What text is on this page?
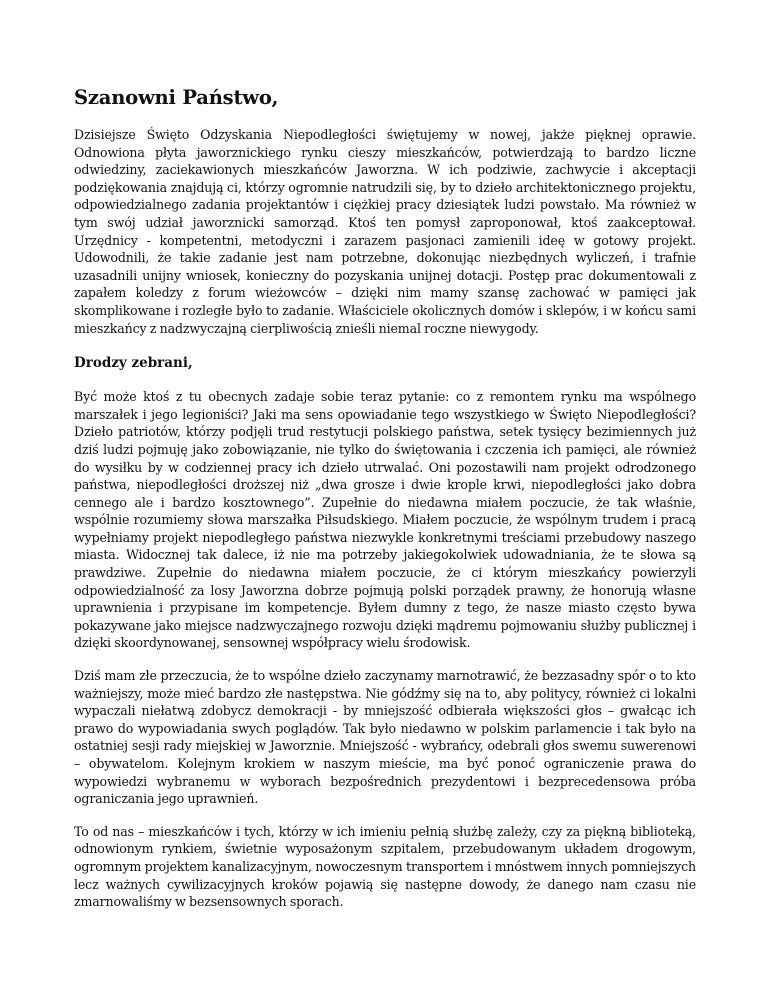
Szanowni Państwo,

Dzisiejsze Święto Odzyskania Niepodległości świętujemy w nowej, jakże pięknej oprawie. Odnowiona płyta jaworznickiego rynku cieszy mieszkańców, potwierdzają to bardzo liczne odwiedziny, zaciekawionych mieszkańców Jaworzna. W ich podziwie, zachwycie i akceptacji podziękowania znajdują ci, którzy ogromnie natrudzili się, by to dzieło architektonicznego projektu, odpowiedzialnego zadania projektantów i ciężkiej pracy dziesiątek ludzi powstało. Ma również w tym swój udział jaworznicki samorząd. Ktoś ten pomysł zaproponował, ktoś zaakceptował. Urzędnicy - kompetentni, metodyczni i zarazem pasjonaci zamienili ideę w gotowy projekt. Udowodnili, że takie zadanie jest nam potrzebne, dokonując niezbędnych wyliczeń, i trafnie uzasadnili unijny wniosek, konieczny do pozyskania unijnej dotacji. Postęp prac dokumentowali z zapałem koledzy z forum wieżowców – dzięki nim mamy szansę zachować w pamięci jak skomplikowane i rozległe było to zadanie. Właściciele okolicznych domów i sklepów, i w końcu sami mieszkańcy z nadzwyczajną cierpliwością znieśli niemal roczne niewygody.

Drodzy zebrani,

Być może ktoś z tu obecnych zadaje sobie teraz pytanie: co z remontem rynku ma wspólnego marszałek i jego legioniści? Jaki ma sens opowiadanie tego wszystkiego w Święto Niepodległości? Dzieło patriotów, którzy podjęli trud restytucji polskiego państwa, setek tysięcy bezimiennych już dziś ludzi pojmuję jako zobowiązanie, nie tylko do świętowania i czczenia ich pamięci, ale również do wysiłku by w codziennej pracy ich dzieło utrwalać. Oni pozostawili nam projekt odrodzonego państwa, niepodległości droższej niż „dwa grosze i dwie krople krwi, niepodległości jako dobra cennego ale i bardzo kosztownego”. Zupełnie do niedawna miałem poczucie, że tak właśnie, wspólnie rozumiemy słowa marszałka Piłsudskiego. Miałem poczucie, że wspólnym trudem i pracą wypełniamy projekt niepodległego państwa niezwykle konkretnymi treściami przebudowy naszego miasta. Widocznej tak dalece, iż nie ma potrzeby jakiegokolwiek udowadniania, że te słowa są prawdziwe. Zupełnie do niedawna miałem poczucie, że ci którym mieszkańcy powierzyli odpowiedzialność za losy Jaworzna dobrze pojmują polski porządek prawny, że honorują własne uprawnienia i przypisane im kompetencje. Byłem dumny z tego, że nasze miasto często bywa pokazywane jako miejsce nadzwyczajnego rozwoju dzięki mądremu pojmowaniu służby publicznej i dzięki skoordynowanej, sensownej współpracy wielu środowisk.

Dziś mam złe przeczucia, że to wspólne dzieło zaczynamy marnotrawić, że bezzasadny spór o to kto ważniejszy, może mieć bardzo złe następstwa. Nie gódźmy się na to, aby politycy, również ci lokalni wypaczali niełatwą zdobycz demokracji - by mniejszość odbierała większości głos – gwałcąc ich prawo do wypowiadania swych poglądów. Tak było niedawno w polskim parlamencie i tak było na ostatniej sesji rady miejskiej w Jaworznie. Mniejszość - wybrańcy, odebrali głos swemu suwerenowi – obywatelom. Kolejnym krokiem w naszym mieście, ma być ponoć ograniczenie prawa do wypowiedzi wybranemu w wyborach bezpośrednich prezydentowi i bezprecedensowa próba ograniczania jego uprawnień.

To od nas – mieszkańców i tych, którzy w ich imieniu pełnią służbę zależy, czy za piękną biblioteką, odnowionym rynkiem, świetnie wyposażonym szpitalem, przebudowanym układem drogowym, ogromnym projektem kanalizacyjnym, nowoczesnym transportem i mnóstwem innych pomniejszych lecz ważnych cywilizacyjnych kroków pojawią się następne dowody, że danego nam czasu nie zmarnowaliśmy w bezsensownych sporach.
